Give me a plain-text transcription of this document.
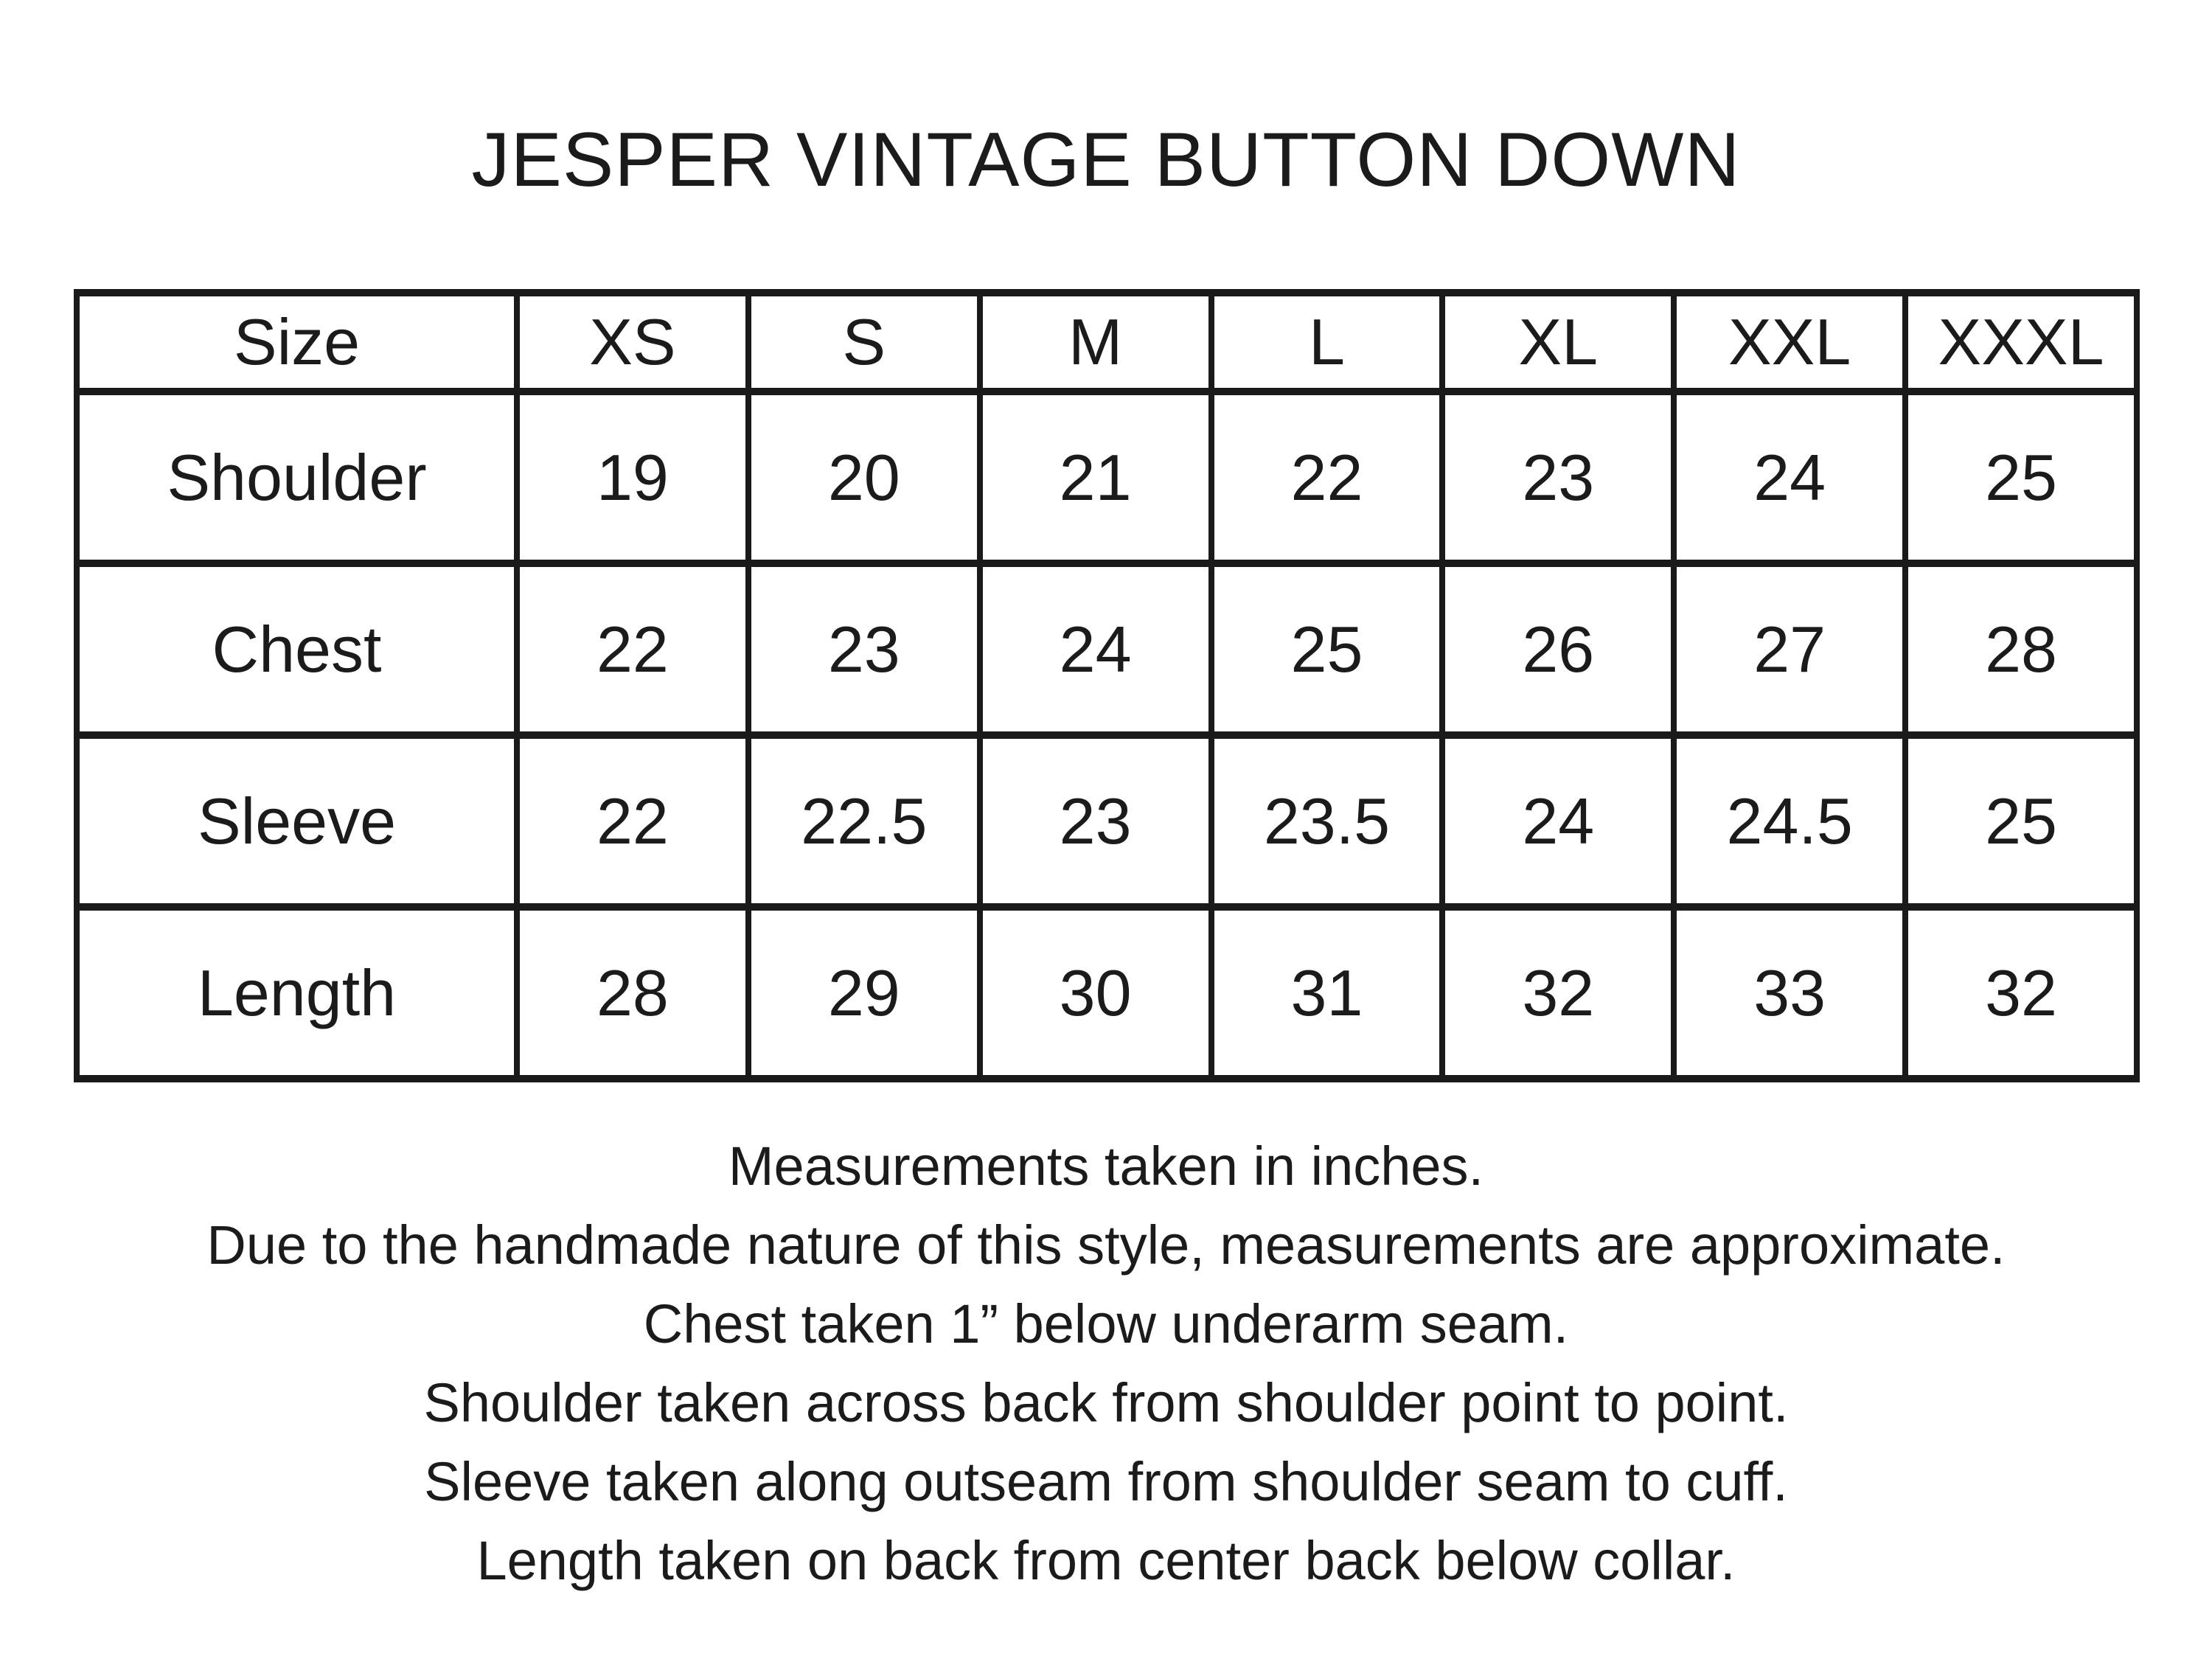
JESPER VINTAGE BUTTON DOWN
Size	XS	S	M	L	XL	XXL	XXXL
Shoulder	19	20	21	22	23	24	25
Chest	22	23	24	25	26	27	28
Sleeve	22	22.5	23	23.5	24	24.5	25
Length	28	29	30	31	32	33	32
Measurements taken in inches.
Due to the handmade nature of this style, measurements are approximate.
Chest taken 1” below underarm seam.
Shoulder taken across back from shoulder point to point.
Sleeve taken along outseam from shoulder seam to cuff.
Length taken on back from center back below collar.
